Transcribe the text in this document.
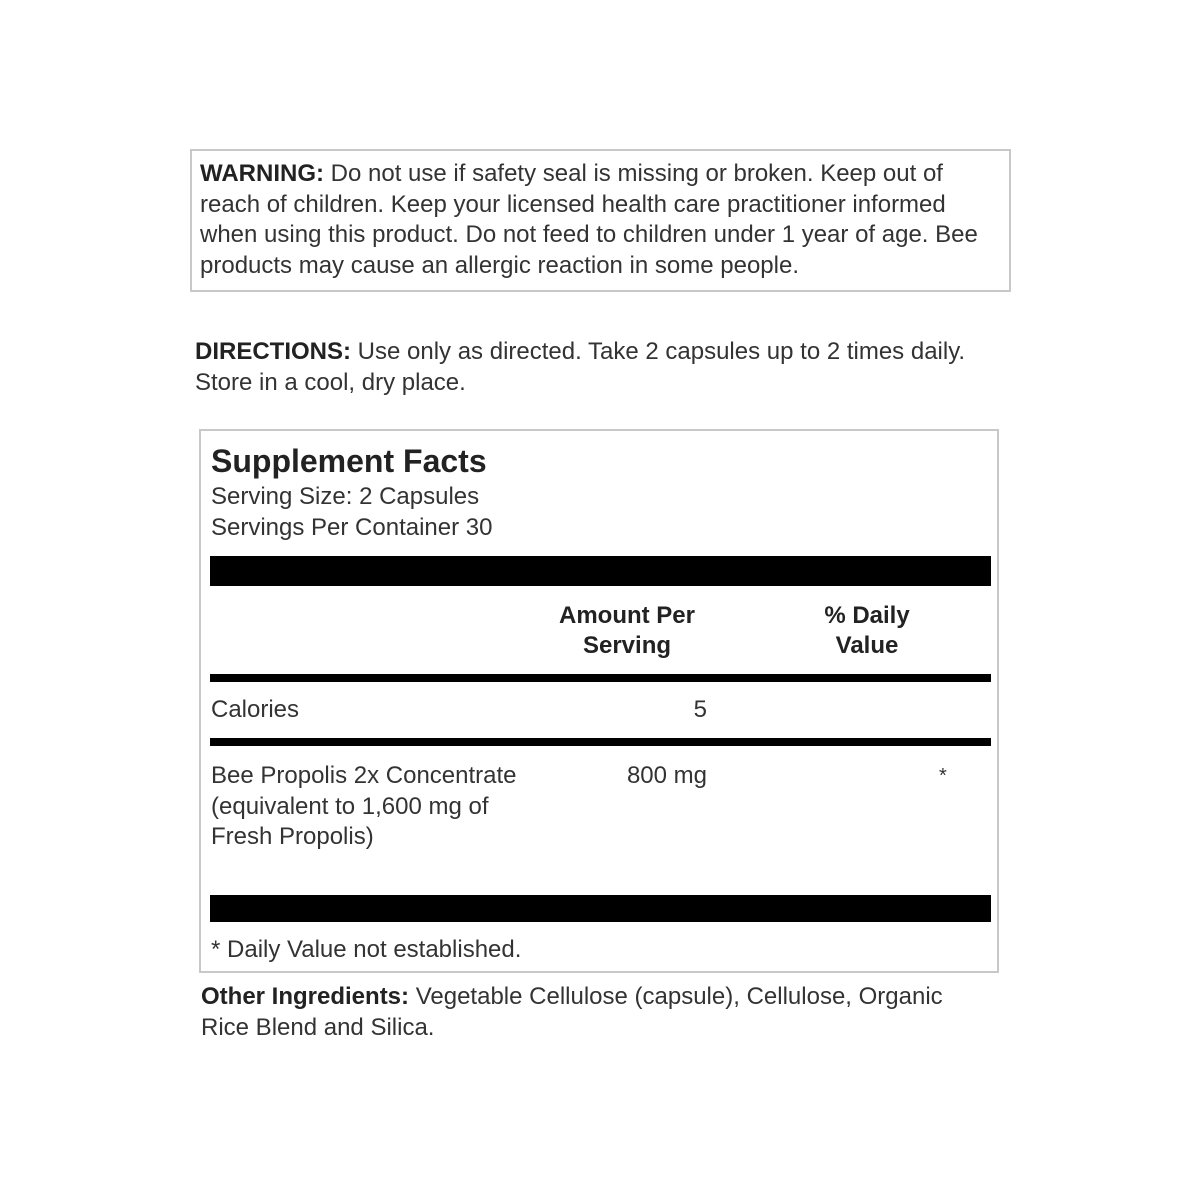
WARNING: Do not use if safety seal is missing or broken. Keep out of reach of children. Keep your licensed health care practitioner informed when using this product. Do not feed to children under 1 year of age. Bee products may cause an allergic reaction in some people.
DIRECTIONS: Use only as directed. Take 2 capsules up to 2 times daily. Store in a cool, dry place.
Supplement Facts
Serving Size: 2 Capsules
Servings Per Container 30
Amount Per
Serving
% Daily
Value
Calories	5
Bee Propolis 2x Concentrate (equivalent to 1,600 mg of Fresh Propolis)
800 mg	*
* Daily Value not established.
Other Ingredients: Vegetable Cellulose (capsule), Cellulose, Organic Rice Blend and Silica.
